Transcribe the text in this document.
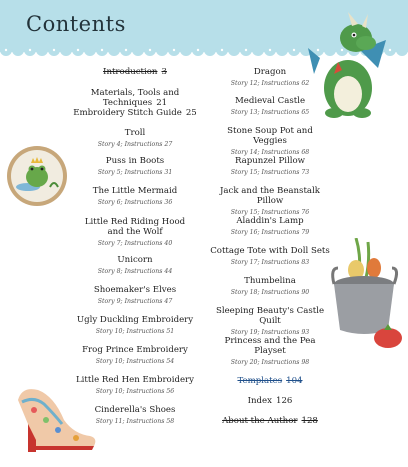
Contents
Introduction 3
Materials, Tools and Techniques 21
Embroidery Stitch Guide 25
Troll
Story 4; Instructions 27
Puss in Boots
Story 5; Instructions 31
The Little Mermaid
Story 6; Instructions 36
Little Red Riding Hood
and the Wolf
Story 7; Instructions 40
Unicorn
Story 8; Instructions 44
Shoemaker's Elves
Story 9; Instructions 47
Ugly Duckling Embroidery
Story 10; Instructions 51
Frog Prince Embroidery
Story 10; Instructions 54
Little Red Hen Embroidery
Story 10; Instructions 56
Cinderella's Shoes
Story 11; Instructions 58
Dragon
Story 12; Instructions 62
Medieval Castle
Story 13; Instructions 65
Stone Soup Pot and Veggies
Story 14; Instructions 68
Rapunzel Pillow
Story 15; Instructions 73
Jack and the Beanstalk Pillow
Story 15; Instructions 76
Aladdin's Lamp
Story 16; Instructions 79
Cottage Tote with Doll Sets
Story 17; Instructions 83
Thumbelina
Story 18; Instructions 90
Sleeping Beauty's Castle Quilt
Story 19; Instructions 93
Princess and the Pea Playset
Story 20; Instructions 98
Templates 104
Index 126
About the Author 128
